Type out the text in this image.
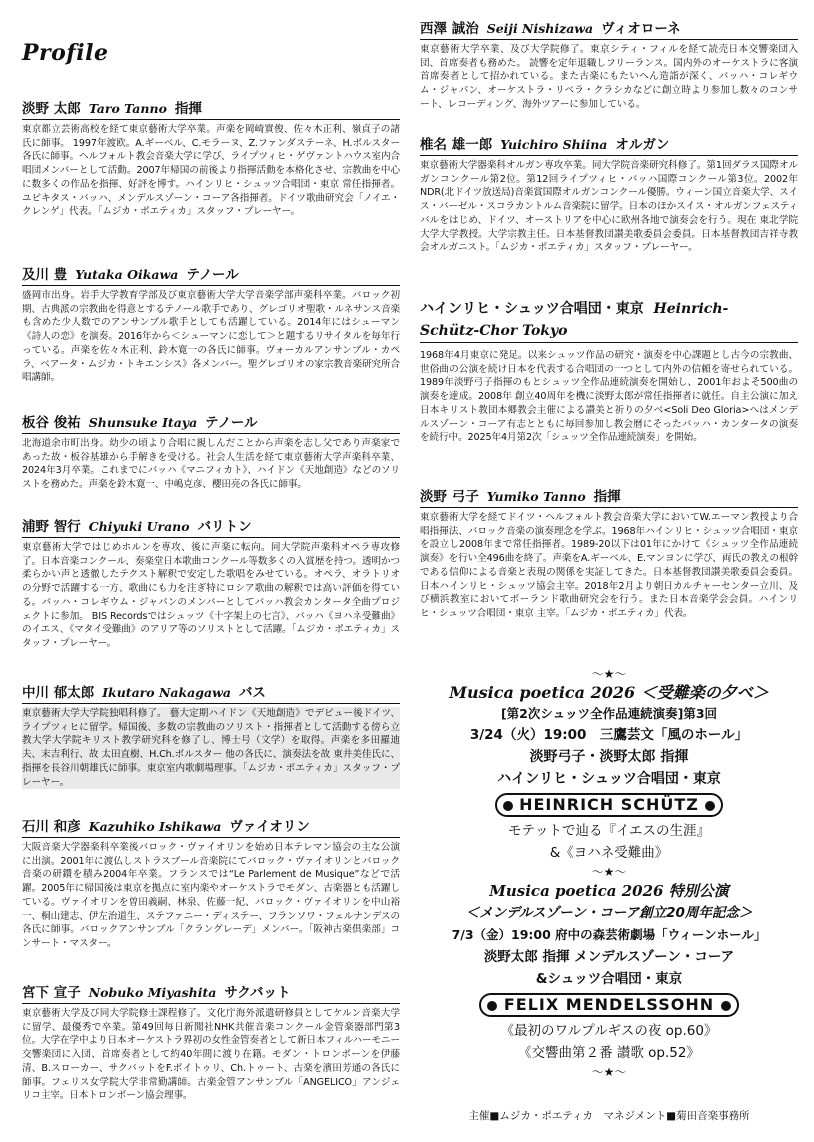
Profile
淡野 太郎 Taro Tanno 指揮
東京都立芸術高校を経て東京藝術大学卒業。声楽を岡崎實俊、佐々木正利、嶺貞子の諸氏に師事。 1997年渡欧。A.ギーベル、C.モラーヌ、Z.ファンダステーネ、H.ボルスター各氏に師事。ヘルフォルト教会音楽大学に学び、ライプツィヒ・ゲヴァントハウス室内合唱団メンバーとして活動。2007年帰国の前後より指揮活動を本格化させ、宗教曲を中心に数多くの作品を指揮、好評を博す。ハインリヒ・シュッツ合唱団・東京 常任指揮者。ユビキタス・バッハ、メンデルスゾーン・コーア各指揮者。ドイツ歌曲研究会「ノイエ・クレンゲ」代表。「ムジカ・ポエティカ」スタッフ・プレーヤー。
及川 豊 Yutaka Oikawa テノール
盛岡市出身。岩手大学教育学部及び東京藝術大学大学音楽学部声楽科卒業。バロック初期、古典派の宗教曲を得意とするテノール歌手であり、グレゴリオ聖歌・ルネサンス音楽も含めた少人数でのアンサンブル歌手としても活躍している。2014年にはシューマン《詩人の恋》を演奏。2016年から＜シューマンに恋して＞と題するリサイタルを毎年行っている。声楽を佐々木正利、鈴木寛一の各氏に師事。ヴォーカルアンサンブル・カペラ、ベアータ・ムジカ・トキエンシス》各メンバー。聖グレゴリオの家宗教音楽研究所合唱講師。
板谷 俊祐 Shunsuke Itaya テノール
北海道余市町出身。幼少の頃より合唱に親しんだことから声楽を志し父であり声楽家であった故・板谷基雄から手解きを受ける。社会人生活を経て東京藝術大学声楽科卒業、2024年3月卒業。これまでにバッハ《マニフィカト》、ハイドン《天地創造》などのソリストを務めた。声楽を鈴木寛一、中嶋克彦、櫻田亮の各氏に師事。
浦野 智行 Chiyuki Urano バリトン
東京藝術大学ではじめホルンを専攻、後に声楽に転向。同大学院声楽科オペラ専攻修了。日本音楽コンクール、奏楽堂日本歌曲コンクール等数多くの入賞歴を持つ。透明かつ柔らかい声と透徹したテクスト解釈で安定した歌唱をみせている。オペラ、オラトリオの分野で活躍する一方、歌曲にも力を注ぎ特にロシア歌曲の解釈では高い評価を得ている。バッハ・コレギウム・ジャパンのメンバーとしてバッハ教会カンタータ全曲プロジェクトに参加。 BIS Recordsではシュッツ《十字架上の七言》、バッハ《ヨハネ受難曲》のイエス、《マタイ受難曲》のアリア等のソリストとして活躍。「ムジカ・ポエティカ」スタッフ・プレーヤー。
中川 郁太郎 Ikutaro Nakagawa バス
東京藝術大学大学院独唱科修了。 藝大定期ハイドン《天地創造》でデビュー後ドイツ、ライプツィヒに留学。帰国後、多数の宗教曲のソリスト・指揮者として活動する傍ら立教大学大学院キリスト教学研究科を修了し、博士号（文学）を取得。声楽を多田羅迪夫、末吉利行、故 太田直樹、H.Ch.ボルスター 他の各氏に、演奏法を故 東井美佳氏に、指揮を長谷川朝雄氏に師事。東京室内歌劇場理事。「ムジカ・ポエティカ」スタッフ・プレーヤー。
石川 和彦 Kazuhiko Ishikawa ヴァイオリン
大阪音楽大学器楽科卒業後バロック・ヴァイオリンを始め日本テレマン協会の主な公演に出演。2001年に渡仏しストラスブール音楽院にてバロック・ヴァイオリンとバロック音楽の研鑽を積み2004年卒業。フランスでは“Le Parlement de Musique”などで活躍。2005年に帰国後は東京を拠点に室内楽やオーケストラでモダン、古楽器とも活躍している。ヴァイオリンを曽田義嗣、林泉、佐藤一紀、バロック・ヴァイオリンを中山裕一、桐山建志、伊左治道生、ステファニー・ディステー、フランソワ・フェルナンデスの各氏に師事。バロックアンサンブル「クラングレーデ」メンバー。「阪神古楽倶楽部」コンサート・マスター。
宮下 宣子 Nobuko Miyashita サクバット
東京藝術大学及び同大学院修士課程修了。文化庁海外派遣研修員としてケルン音楽大学に留学、最優秀で卒業。第49回毎日新聞社NHK共催音楽コンクール金管楽器部門第3位。大学在学中より日本オーケストラ界初の女性金管奏者として新日本フィルハーモニー交響楽団に入団、首席奏者として約40年間に渡り在籍。モダン・トロンボーンを伊藤清、B.スローカー、サクバットをF.ポイトゥリ、Ch.トゥート、古楽を濱田芳通の各氏に師事。フェリス女学院大学非常勤講師。古楽金管アンサンブル「ANGELICO」アンジェリコ主宰。日本トロンボーン協会理事。
西澤 誠治 Seiji Nishizawa ヴィオローネ
東京藝術大学卒業、及び大学院修了。東京シティ・フィルを経て読売日本交響楽団入団、首席奏者も務めた。 読響を定年退職しフリーランス。国内外のオーケストラに客演首席奏者として招かれている。また古楽にもたいへん造詣が深く、バッハ・コレギウム・ジャパン、オーケストラ・リベラ・クラシカなどに創立時より参加し数々のコンサート、レコーディング、海外ツアーに参加している。
椎名 雄一郎 Yuichiro Shiina オルガン
東京藝術大学器楽科オルガン専攻卒業。同大学院音楽研究科修了。第1回ダラス国際オルガンコンクール第2位。第12回ライプツィヒ・バッハ国際コンクール第3位。2002年NDR(北ドイツ放送局)音楽賞国際オルガンコンクール優勝。ウィーン国立音楽大学、スイス・バーゼル・スコラカントルム音楽院に留学。日本のほかスイス・オルガンフェスティバルをはじめ、ドイツ、オーストリアを中心に欧州各地で演奏会を行う。現在 東北学院大学大学教授。大学宗教主任。日本基督教団讃美歌委員会委員。日本基督教団吉祥寺教会オルガニスト。「ムジカ・ポエティカ」スタッフ・プレーヤー。
ハインリヒ・シュッツ合唱団・東京 Heinrich-
Schütz-Chor Tokyo
1968年4月東京に発足。以来シュッツ作品の研究・演奏を中心課題とし古今の宗教曲、世俗曲の公演を続け日本を代表する合唱団の一つとして内外の信頼を寄せられている。1989年淡野弓子指揮のもとシュッツ全作品連続演奏を開始し、2001年およそ500曲の演奏を達成。2008年 創立40周年を機に淡野太郎が常任指揮者に就任。自主公演に加え日本キリスト教団本郷教会主催による讃美と祈りの夕べ<Soli Deo Gloria>へはメンデルスゾーン・コーア有志とともに毎回参加し教会暦にそったバッハ・カンタータの演奏を続行中。2025年4月第2次「シュッツ全作品連続演奏」を開始。
淡野 弓子 Yumiko Tanno 指揮
東京藝術大学を経てドイツ・ヘルフォルト教会音楽大学においてW.エーマン教授より合唱指揮法、バロック音楽の演奏理念を学ぶ。1968年ハインリヒ・シュッツ合唱団・東京を設立し2008年まで常任指揮者。1989-20以下は01年にかけて《シュッツ全作品連続演奏》を行い全496曲を終了。声楽をA.ギーベル、E.マンヨンに学び、両氏の教えの根幹である信仰による音楽と表現の関係を実証してきた。日本基督教団讃美歌委員会委員。日本ハインリヒ・シュッツ協会主宰。2018年2月より朝日カルチャーセンター立川、及び横浜教室においてポーランド歌曲研究会を行う。また日本音楽学会会員。ハインリヒ・シュッツ合唱団・東京 主宰。「ムジカ・ポエティカ」代表。
〜★〜
Musica poetica 2026 ＜受難楽の夕べ＞
[第2次シュッツ全作品連続演奏]第3回
3/24（火）19:00　三鷹芸文「風のホール」
淡野弓子・淡野太郎 指揮
ハインリヒ・シュッツ合唱団・東京
HEINRICH SCHÜTZ
モテットで辿る『イエスの生涯』
&《ヨハネ受難曲》
〜★〜
Musica poetica 2026 特別公演
＜メンデルスゾーン・コーア創立20周年記念＞
7/3（金）19:00 府中の森芸術劇場「ウィーンホール」
淡野太郎 指揮 メンデルスゾーン・コーア
&シュッツ合唱団・東京
FELIX MENDELSSOHN
《最初のワルプルギスの夜 op.60》
《交響曲第２番 讃歌 op.52》
〜★〜
主催■ムジカ・ポエティカ　マネジメント■菊田音楽事務所
